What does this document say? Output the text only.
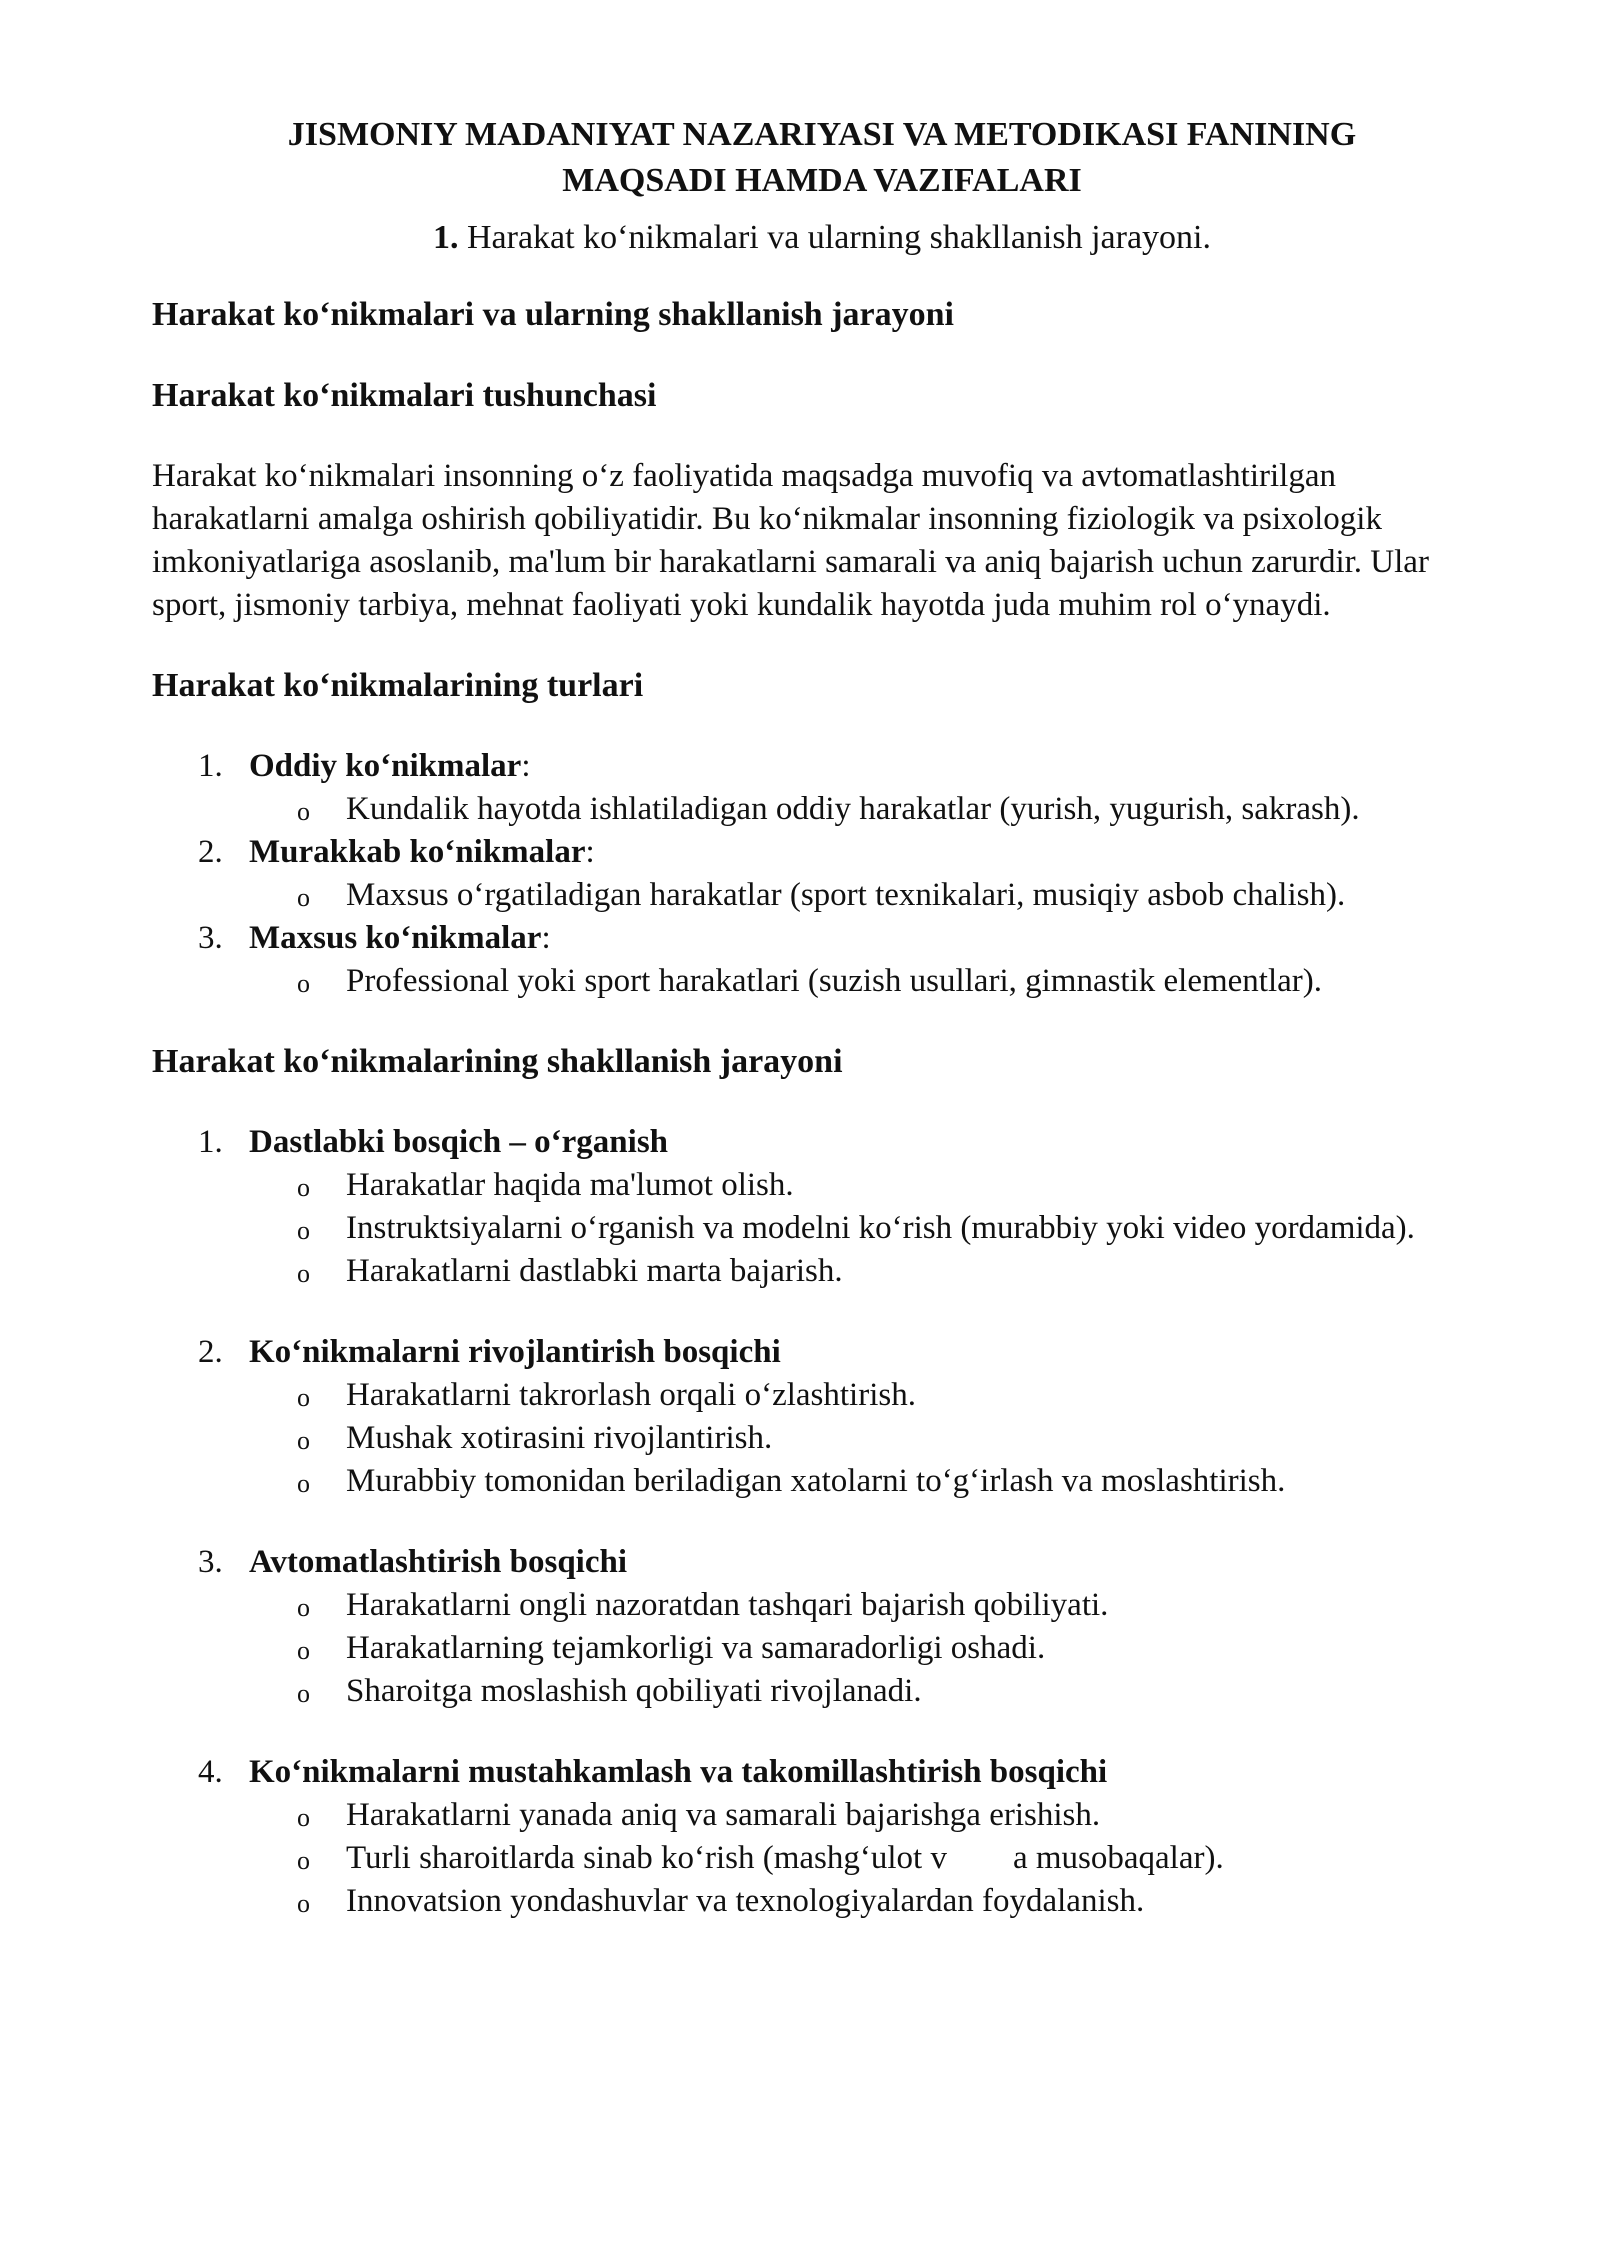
JISMONIY MADANIYAT NAZARIYASI VA METODIKASI FANINING
MAQSADI HAMDA VAZIFALARI

1. Harakat ko‘nikmalari va ularning shakllanish jarayoni.

Harakat ko‘nikmalari va ularning shakllanish jarayoni
Harakat ko‘nikmalari tushunchasi

Harakat ko‘nikmalari insonning o‘z faoliyatida maqsadga muvofiq va avtomatlashtirilgan harakatlarni amalga oshirish qobiliyatidir. Bu ko‘nikmalar insonning fiziologik va psixologik imkoniyatlariga asoslanib, ma'lum bir harakatlarni samarali va aniq bajarish uchun zarurdir. Ular sport, jismoniy tarbiya, mehnat faoliyati yoki kundalik hayotda juda muhim rol o‘ynaydi.

Harakat ko‘nikmalarining turlari
1. Oddiy ko‘nikmalar:
o Kundalik hayotda ishlatiladigan oddiy harakatlar (yurish, yugurish, sakrash).
2. Murakkab ko‘nikmalar:
o Maxsus o‘rgatiladigan harakatlar (sport texnikalari, musiqiy asbob chalish).
3. Maxsus ko‘nikmalar:
o Professional yoki sport harakatlari (suzish usullari, gimnastik elementlar).
Harakat ko‘nikmalarining shakllanish jarayoni
1. Dastlabki bosqich – o‘rganish
o Harakatlar haqida ma'lumot olish.
o Instruktsiyalarni o‘rganish va modelni ko‘rish (murabbiy yoki video yordamida).
o Harakatlarni dastlabki marta bajarish.
2. Ko‘nikmalarni rivojlantirish bosqichi
o Harakatlarni takrorlash orqali o‘zlashtirish.
o Mushak xotirasini rivojlantirish.
o Murabbiy tomonidan beriladigan xatolarni to‘g‘irlash va moslashtirish.
3. Avtomatlashtirish bosqichi
o Harakatlarni ongli nazoratdan tashqari bajarish qobiliyati.
o Harakatlarning tejamkorligi va samaradorligi oshadi.
o Sharoitga moslashish qobiliyati rivojlanadi.
4. Ko‘nikmalarni mustahkamlash va takomillashtirish bosqichi
o Harakatlarni yanada aniq va samarali bajarishga erishish.
o Turli sharoitlarda sinab ko‘rish (mashg‘ulot v        a musobaqalar).
o Innovatsion yondashuvlar va texnologiyalardan foydalanish.
